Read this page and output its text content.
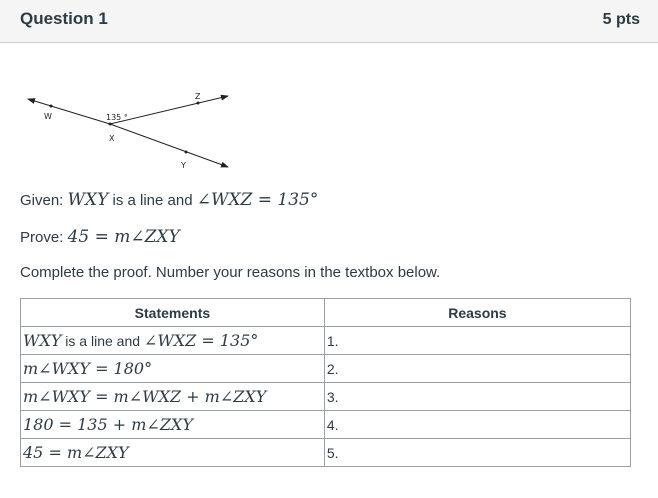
Question 1	5 pts
W
X
Z
Y
135 °
Given: WXY is a line and ∠WXZ = 135°
Prove: 45 = m∠ZXY
Complete the proof. Number your reasons in the textbox below.
Statements	Reasons
WXY is a line and ∠WXZ = 135°	1.
m∠WXY = 180°	2.
m∠WXY = m∠WXZ + m∠ZXY	3.
180 = 135 + m∠ZXY	4.
45 = m∠ZXY	5.
